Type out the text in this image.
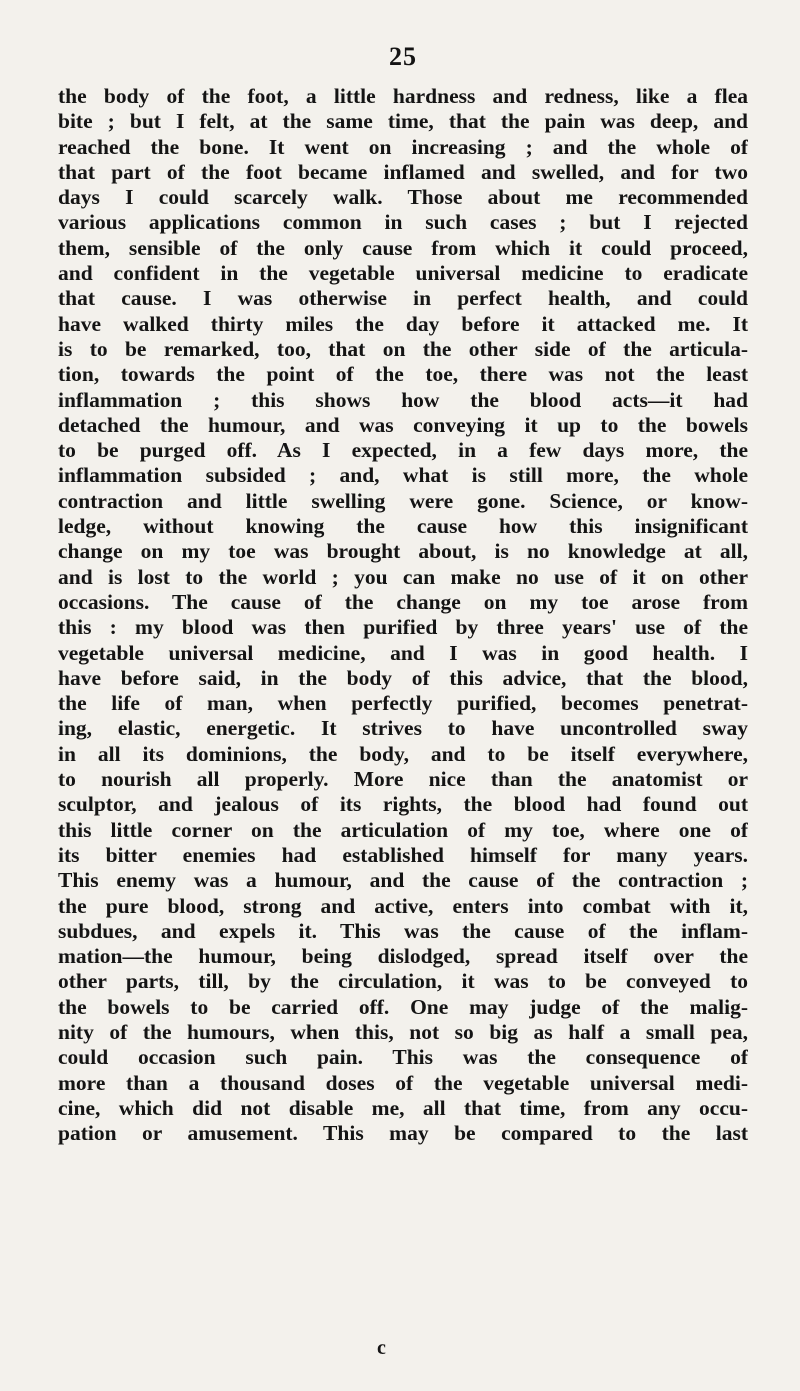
25
the body of the foot, a little hardness and redness, like a flea
bite ; but I felt, at the same time, that the pain was deep, and
reached the bone. It went on increasing ; and the whole of
that part of the foot became inflamed and swelled, and for two
days I could scarcely walk. Those about me recommended
various applications common in such cases ; but I rejected
them, sensible of the only cause from which it could proceed,
and confident in the vegetable universal medicine to eradicate
that cause. I was otherwise in perfect health, and could
have walked thirty miles the day before it attacked me. It
is to be remarked, too, that on the other side of the articula-
tion, towards the point of the toe, there was not the least
inflammation ; this shows how the blood acts—it had
detached the humour, and was conveying it up to the bowels
to be purged off. As I expected, in a few days more, the
inflammation subsided ; and, what is still more, the whole
contraction and little swelling were gone. Science, or know-
ledge, without knowing the cause how this insignificant
change on my toe was brought about, is no knowledge at all,
and is lost to the world ; you can make no use of it on other
occasions. The cause of the change on my toe arose from
this : my blood was then purified by three years' use of the
vegetable universal medicine, and I was in good health. I
have before said, in the body of this advice, that the blood,
the life of man, when perfectly purified, becomes penetrat-
ing, elastic, energetic. It strives to have uncontrolled sway
in all its dominions, the body, and to be itself everywhere,
to nourish all properly. More nice than the anatomist or
sculptor, and jealous of its rights, the blood had found out
this little corner on the articulation of my toe, where one of
its bitter enemies had established himself for many years.
This enemy was a humour, and the cause of the contraction ;
the pure blood, strong and active, enters into combat with it,
subdues, and expels it. This was the cause of the inflam-
mation—the humour, being dislodged, spread itself over the
other parts, till, by the circulation, it was to be conveyed to
the bowels to be carried off. One may judge of the malig-
nity of the humours, when this, not so big as half a small pea,
could occasion such pain. This was the consequence of
more than a thousand doses of the vegetable universal medi-
cine, which did not disable me, all that time, from any occu-
pation or amusement. This may be compared to the last
c
